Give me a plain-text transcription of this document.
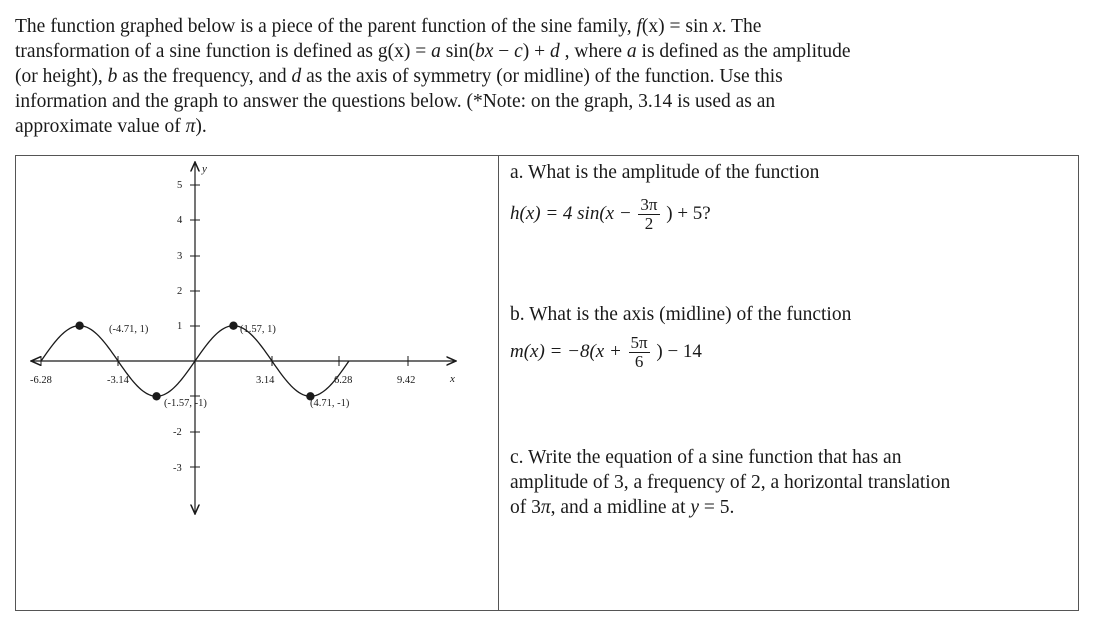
The function graphed below is a piece of the parent function of the sine family, f(x) = sin x. The

transformation of a sine function is defined as g(x) = a sin(bx − c) + d , where a is defined as the amplitude

(or height), b as the frequency, and d as the axis of symmetry (or midline) of the function. Use this

information and the graph to answer the questions below. (*Note: on the graph, 3.14 is used as an

approximate value of π).

x
y
-6.28	-3.14	3.14	6.28	9.42
5
4
3
2
1
-2
-3
(-4.71, 1)	(1.57, 1)
(-1.57, -1)	(4.71, -1)
a. What is the amplitude of the function
h(x) = 4 $\sin(x - \frac{3\pi}{2}$ ) + 5?
b. What is the axis (midline) of the function
$m(x) = -8(x + \frac{5\pi}{6}$ ) − 14
c. Write the equation of a sine function that has an
amplitude of 3, a frequency of 2, a horizontal translation
of 3π, and a midline at y = 5.
